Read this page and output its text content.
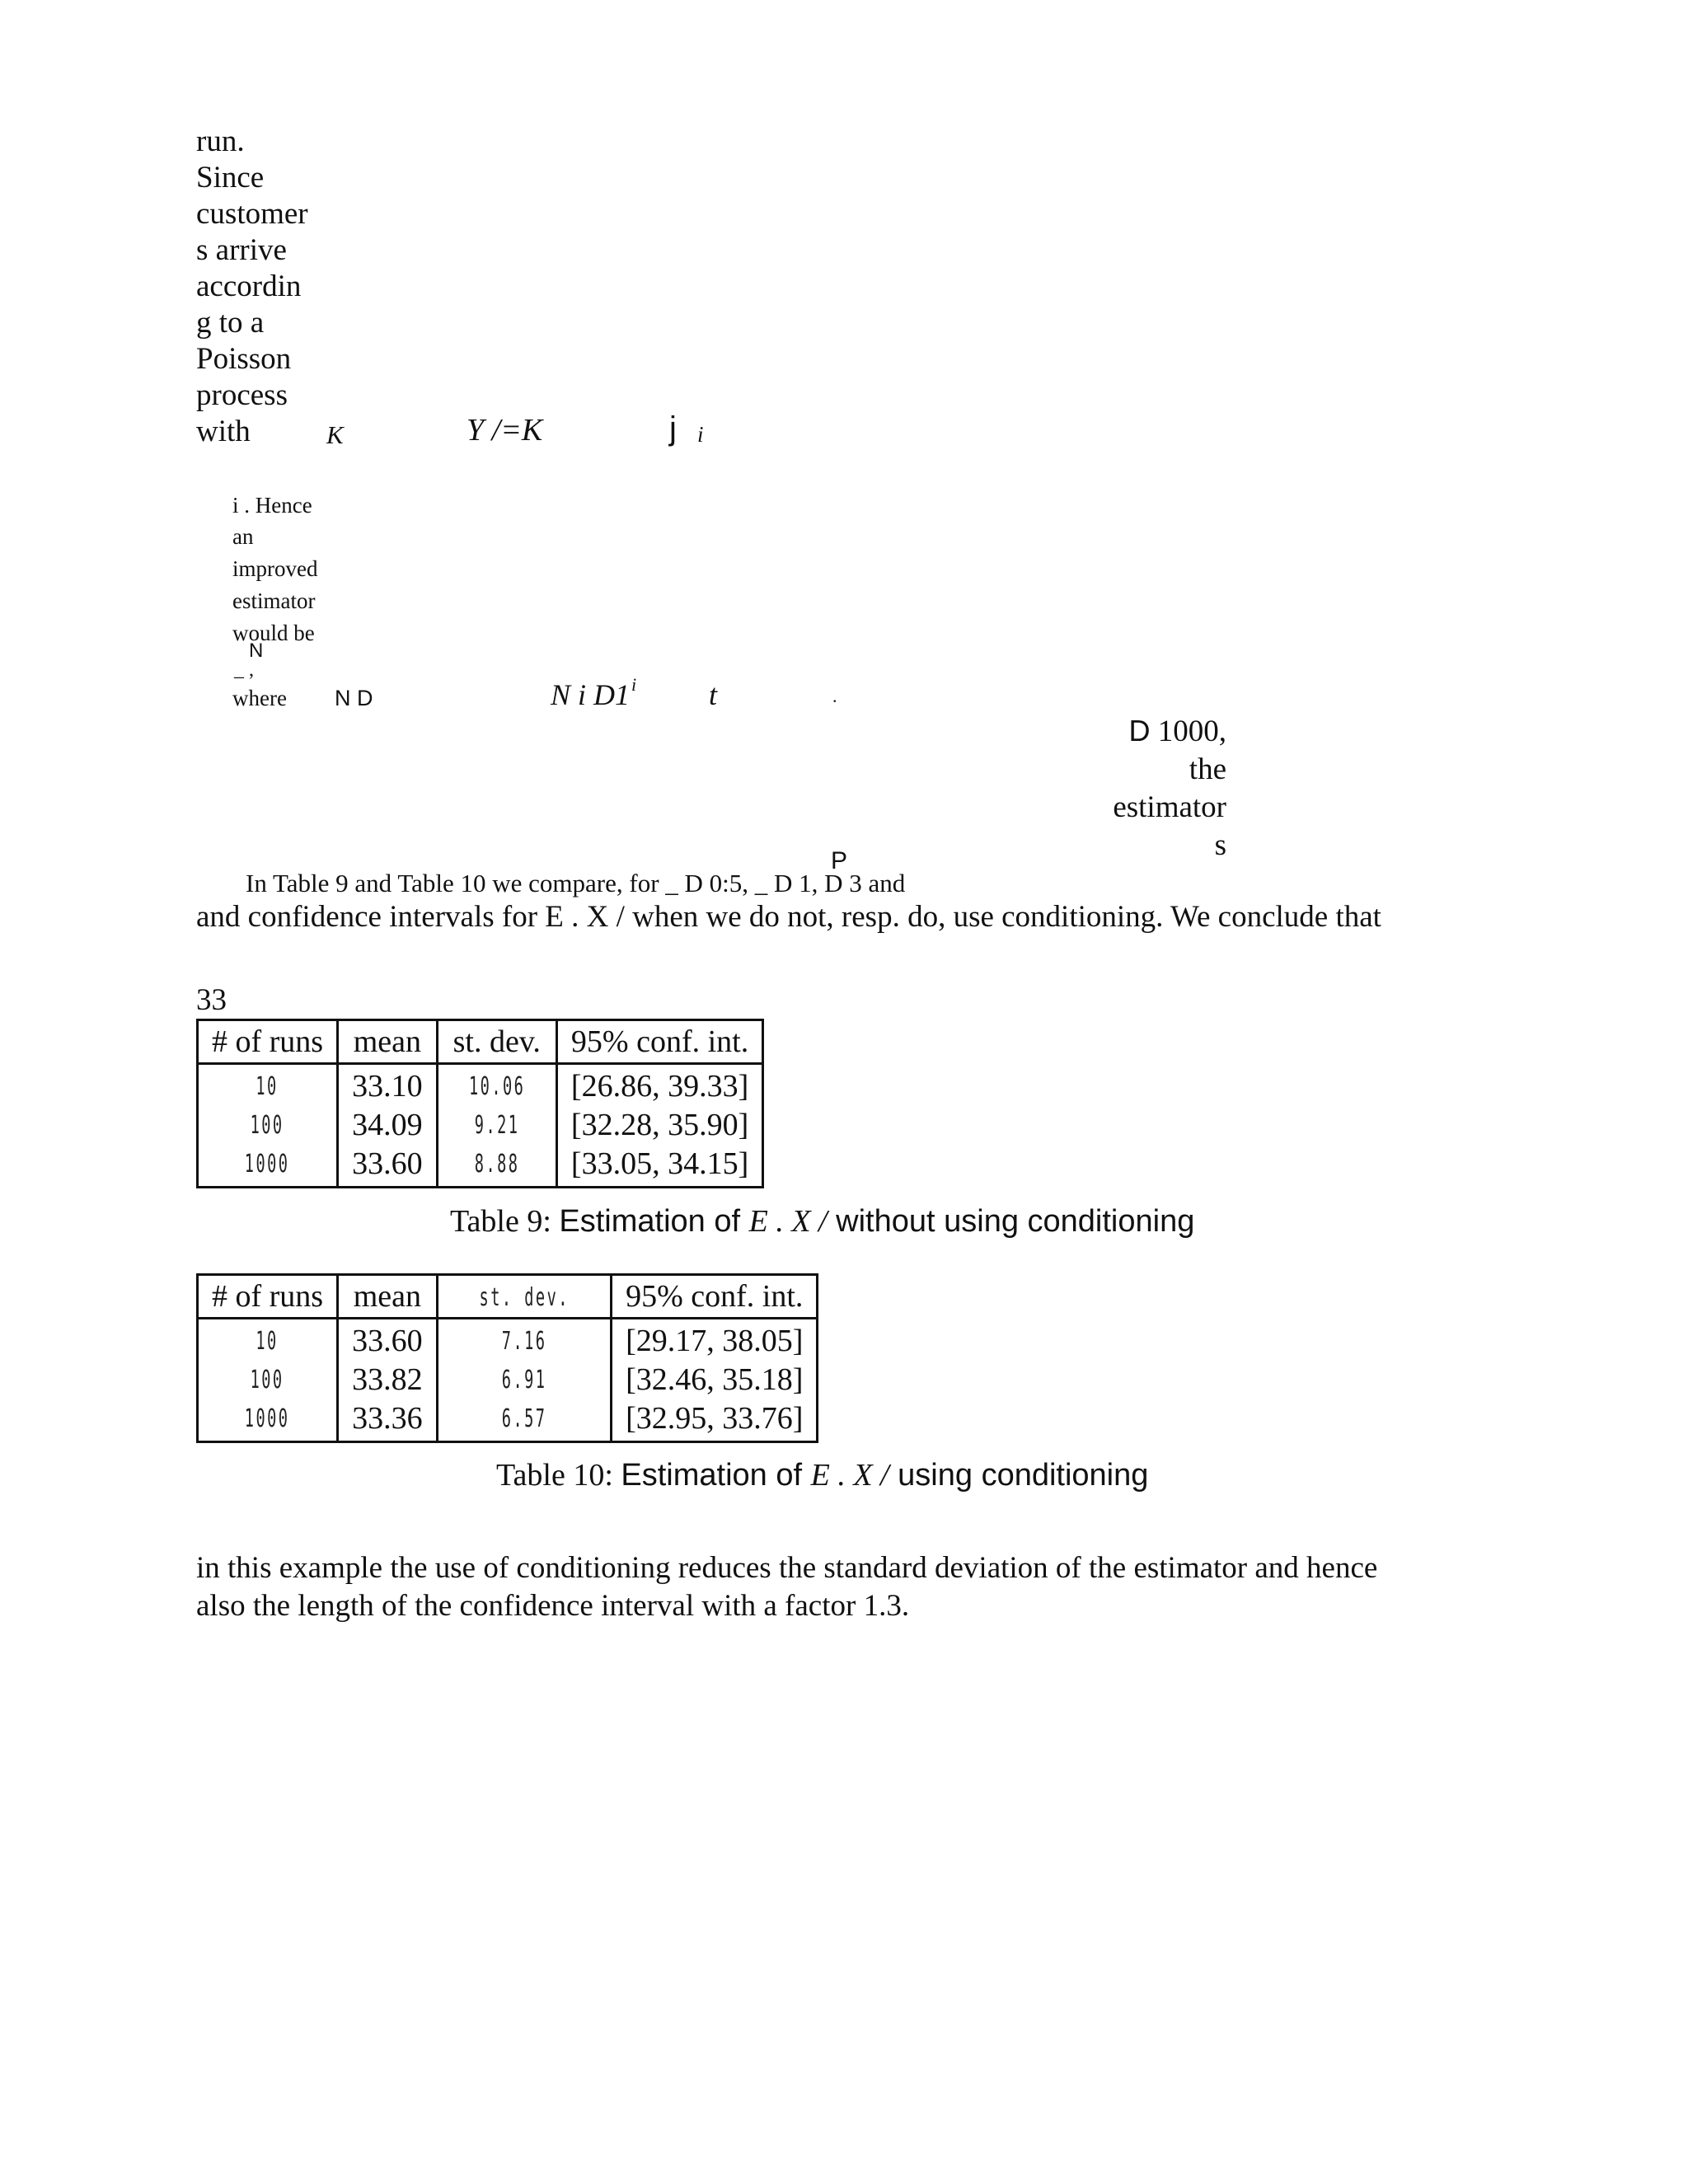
run.
Since
customer
s arrive
accordin
g to a
Poisson
process
with	K	Y /=K	j i
i . Hence
an
improved
estimator
would be
N
_ ,
where N D	N i D1 i t	.
D 1000,
the
estimator
s
P
In Table 9 and Table 10 we compare, for _ D 0:5, _ D 1, D 3 and
and confidence intervals for E . X / when we do not, resp. do, use conditioning. We conclude that
33
# of runs	mean	st. dev.	95% conf. int.
10	33.10	10.06	[26.86, 39.33]
100	34.09	9.21	[32.28, 35.90]
1000	33.60	8.88	[33.05, 34.15]
Table 9: Estimation of E . X / without using conditioning
# of runs	mean	st. dev.	95% conf. int.
10	33.60	7.16	[29.17, 38.05]
100	33.82	6.91	[32.46, 35.18]
1000	33.36	6.57	[32.95, 33.76]
Table 10: Estimation of E . X / using conditioning
in this example the use of conditioning reduces the standard deviation of the estimator and hence
also the length of the confidence interval with a factor 1.3.
